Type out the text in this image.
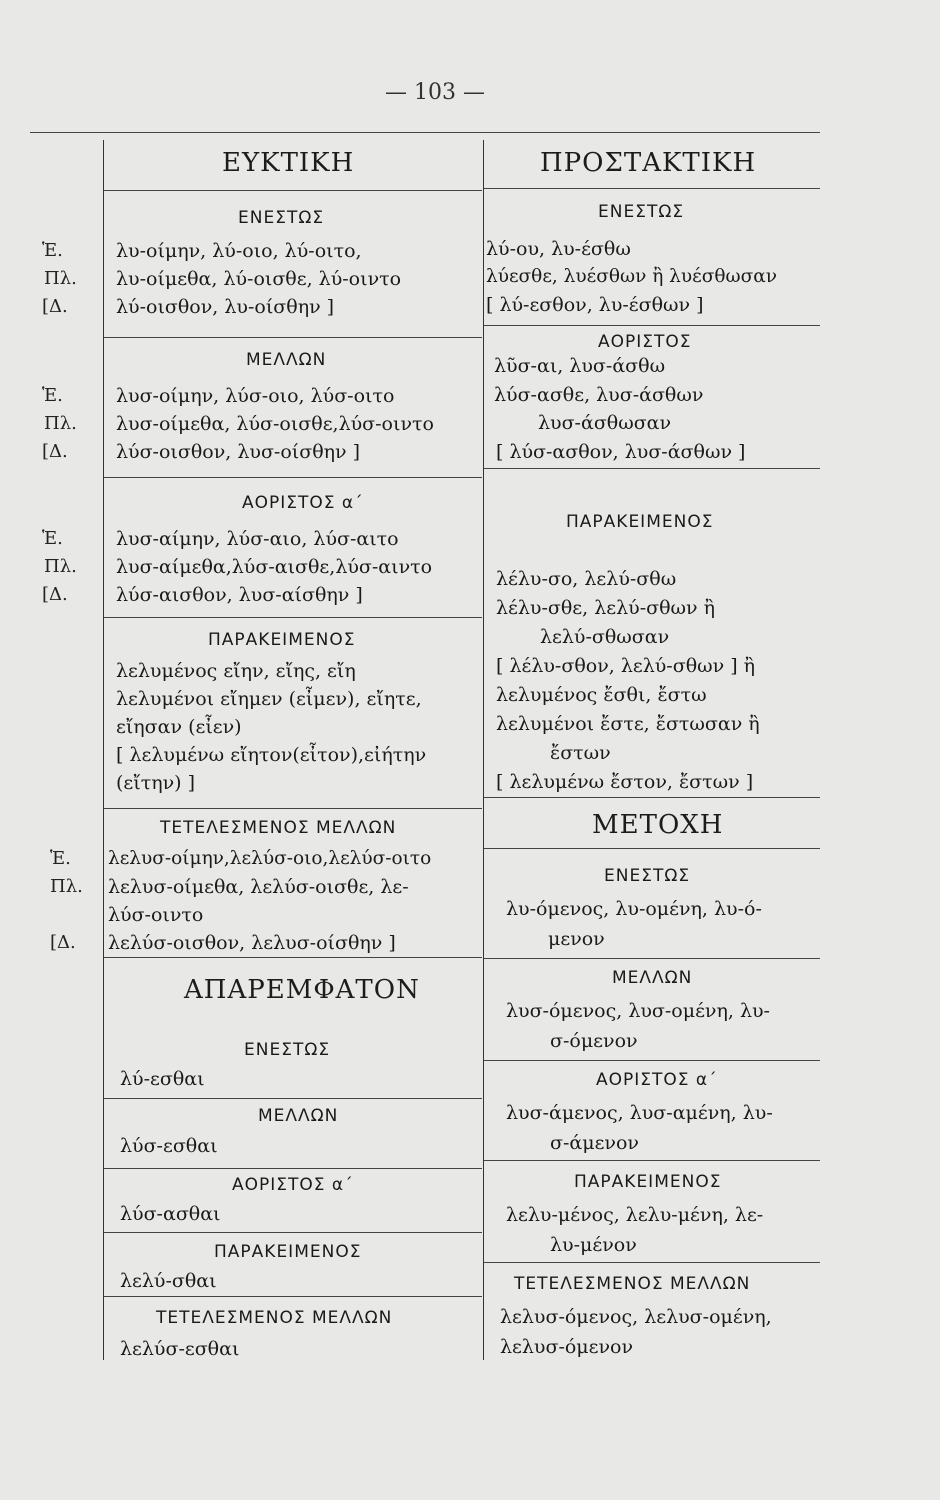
— 103 —
ΕΥΚΤΙΚΗ
ΕΝΕΣΤΩΣ
Ἑ.	λυ-οίμην, λύ-οιο, λύ-οιτο,
Πλ. λυ-οίμεθα, λύ-οισθε, λύ-οιντο
[Δ.	λύ-οισθον, λυ-οίσθην ]
ΜΕΛΛΩΝ
Ἑ.	λυσ-οίμην, λύσ-οιο, λύσ-οιτο
Πλ. λυσ-οίμεθα, λύσ-οισθε,λύσ-οιντο
[Δ.	λύσ-οισθον, λυσ-οίσθην ]
ΑΟΡΙΣΤΟΣ α΄
Ἑ.	λυσ-αίμην, λύσ-αιο, λύσ-αιτο
Πλ. λυσ-αίμεθα,λύσ-αισθε,λύσ-αιντο
[Δ.	λύσ-αισθον, λυσ-αίσθην ]
ΠΑΡΑΚΕΙΜΕΝΟΣ
λελυμένος εἴην, εἴης, εἴη
λελυμένοι εἴημεν (εἶμεν), εἴητε,
εἴησαν (εἶεν)
[ λελυμένω εἴητον(εἶτον),εἰήτην
(εἴτην) ]
ΤΕΤΕΛΕΣΜΕΝΟΣ ΜΕΛΛΩΝ
Ἑ. λελυσ-οίμην,λελύσ-οιο,λελύσ-οιτο
Πλ. λελυσ-οίμεθα, λελύσ-οισθε, λε-
λύσ-οιντο
[Δ. λελύσ-οισθον, λελυσ-οίσθην ]
ΑΠΑΡΕΜΦΑΤΟΝ
ΕΝΕΣΤΩΣ
λύ-εσθαι
ΜΕΛΛΩΝ
λύσ-εσθαι
ΑΟΡΙΣΤΟΣ α΄
λύσ-ασθαι
ΠΑΡΑΚΕΙΜΕΝΟΣ
λελύ-σθαι
ΤΕΤΕΛΕΣΜΕΝΟΣ ΜΕΛΛΩΝ
λελύσ-εσθαι
ΠΡΟΣΤΑΚΤΙΚΗ
ΕΝΕΣΤΩΣ
λύ-ου, λυ-έσθω
λύεσθε, λυέσθων ἢ λυέσθωσαν
[ λύ-εσθον, λυ-έσθων ]
ΑΟΡΙΣΤΟΣ
λῦσ-αι, λυσ-άσθω
λύσ-ασθε, λυσ-άσθων
λυσ-άσθωσαν
[ λύσ-ασθον, λυσ-άσθων ]
ΠΑΡΑΚΕΙΜΕΝΟΣ
λέλυ-σο, λελύ-σθω
λέλυ-σθε, λελύ-σθων ἢ
λελύ-σθωσαν
[ λέλυ-σθον, λελύ-σθων ] ἢ
λελυμένος ἔσθι, ἔστω
λελυμένοι ἔστε, ἔστωσαν ἢ
ἔστων
[ λελυμένω ἔστον, ἔστων ]
ΜΕΤΟΧΗ
ΕΝΕΣΤΩΣ
λυ-όμενος, λυ-ομένη, λυ-ό-
μενον
ΜΕΛΛΩΝ
λυσ-όμενος, λυσ-ομένη, λυ-
σ-όμενον
ΑΟΡΙΣΤΟΣ α΄
λυσ-άμενος, λυσ-αμένη, λυ-
σ-άμενον
ΠΑΡΑΚΕΙΜΕΝΟΣ
λελυ-μένος, λελυ-μένη, λε-
λυ-μένον
ΤΕΤΕΛΕΣΜΕΝΟΣ ΜΕΛΛΩΝ
λελυσ-όμενος, λελυσ-ομένη,
λελυσ-όμενον
